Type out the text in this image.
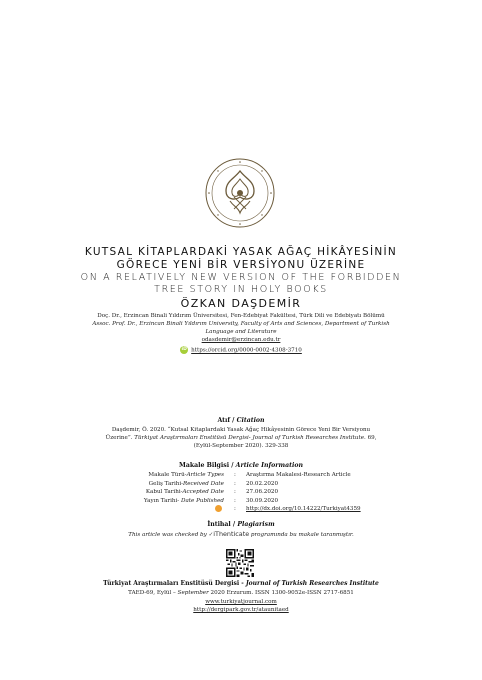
KUTSAL KİTAPLARDAKİ YASAK AĞAÇ HİKÂYESİNİN
GÖRECE YENİ BİR VERSİYONU ÜZERİNE
ON A RELATIVELY NEW VERSION OF THE FORBIDDEN
TREE STORY IN HOLY BOOKS
ÖZKAN DAŞDEMİR
Doç. Dr., Erzincan Binali Yıldırım Üniversitesi, Fen-Edebiyat Fakültesi, Türk Dili ve Edebiyatı Bölümü
Assoc. Prof. Dr., Erzincan Binali Yıldırım University, Faculty of Arts and Sciences, Department of Turkish
Language and Literature
odasdemir@erzincan.edu.tr
iD https://orcid.org/0000-0002-4308-3710
Atıf / Citation
Daşdemir, Ö. 2020. “Kutsal Kitaplardaki Yasak Ağaç Hikâyesinin Görece Yeni Bir Versiyonu
Üzerine”. Türkiyat Araştırmaları Enstitüsü Dergisi- Journal of Turkish Researches Institute. 69,
(Eylül-September 2020). 329-338
Makale Bilgisi / Article Information
Makale Türü-Article Types	:	Araştırma Makalesi-Research Article
Geliş Tarihi-Received Date	:	20.02.2020
Kabul Tarihi-Accepted Date	:	27.06.2020
Yayın Tarihi- Date Published	:	30.09.2020
:	http://dx.doi.org/10.14222/Turkiyat4359
İntihal / Plagiarism
This article was checked by ✓iThenticate programında bu makale taranmıştır.
Türkiyat Araştırmaları Enstitüsü Dergisi - Journal of Turkish Researches Institute
TAED-69, Eylül – September 2020 Erzurum. ISSN 1300-9052e-ISSN 2717-6851
www.turkiyatjournal.com
http://dergipark.gov.tr/ataunitaed
